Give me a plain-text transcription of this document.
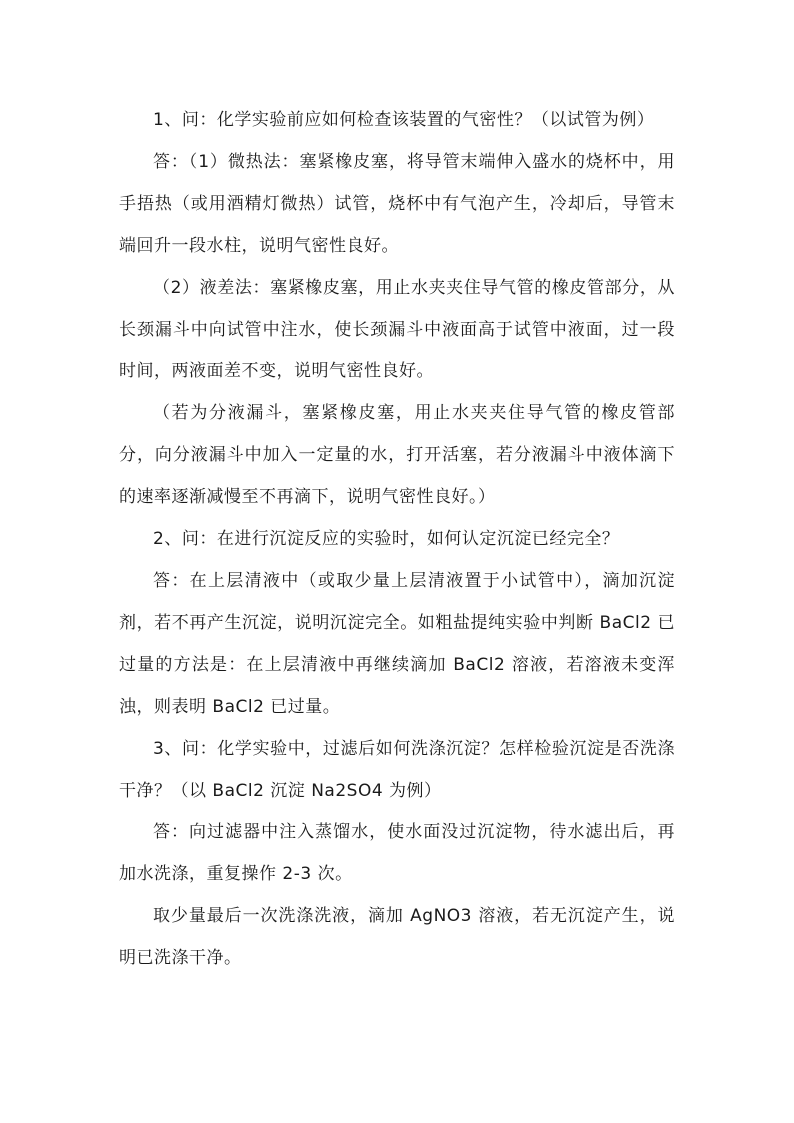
1、问：化学实验前应如何检查该装置的气密性？（以试管为例）

答：（1）微热法：塞紧橡皮塞，将导管末端伸入盛水的烧杯中，用手捂热（或用酒精灯微热）试管，烧杯中有气泡产生，冷却后，导管末端回升一段水柱，说明气密性良好。

（2）液差法：塞紧橡皮塞，用止水夹夹住导气管的橡皮管部分，从长颈漏斗中向试管中注水，使长颈漏斗中液面高于试管中液面，过一段时间，两液面差不变，说明气密性良好。

（若为分液漏斗，塞紧橡皮塞，用止水夹夹住导气管的橡皮管部分，向分液漏斗中加入一定量的水，打开活塞，若分液漏斗中液体滴下的速率逐渐减慢至不再滴下，说明气密性良好。）

2、问：在进行沉淀反应的实验时，如何认定沉淀已经完全？

答：在上层清液中（或取少量上层清液置于小试管中），滴加沉淀剂，若不再产生沉淀，说明沉淀完全。如粗盐提纯实验中判断 BaCl2 已过量的方法是：在上层清液中再继续滴加 BaCl2 溶液，若溶液未变浑浊，则表明 BaCl2 已过量。

3、问：化学实验中，过滤后如何洗涤沉淀？怎样检验沉淀是否洗涤干净？（以 BaCl2 沉淀 Na2SO4 为例）

答：向过滤器中注入蒸馏水，使水面没过沉淀物，待水滤出后，再加水洗涤，重复操作 2-3 次。

取少量最后一次洗涤洗液，滴加 AgNO3 溶液，若无沉淀产生，说明已洗涤干净。
